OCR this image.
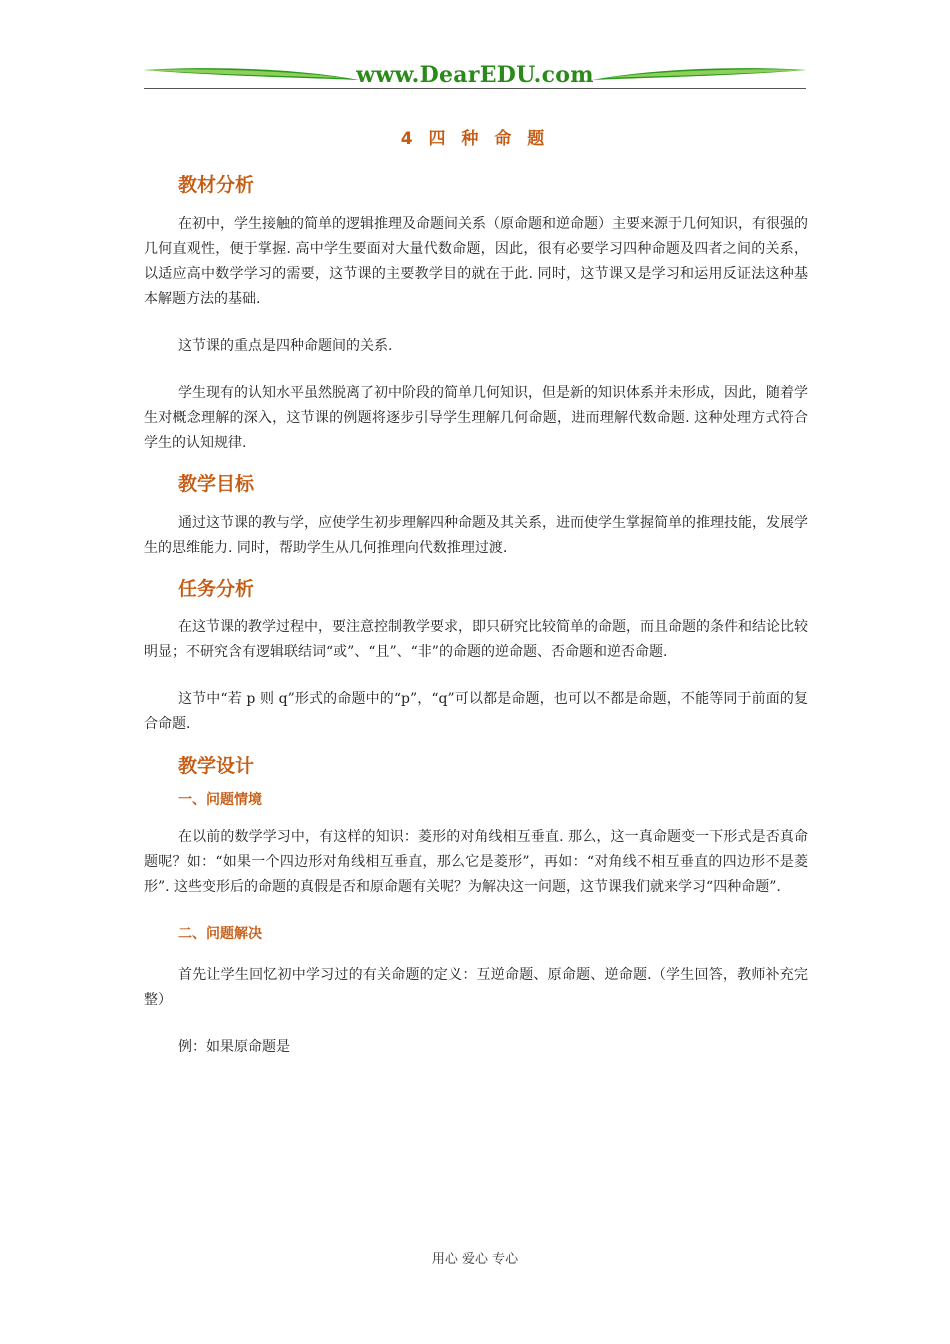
www.DearEDU.com
4 四 种 命 题
教材分析

在初中，学生接触的简单的逻辑推理及命题间关系（原命题和逆命题）主要来源于几何知识，有很强的几何直观性，便于掌握. 高中学生要面对大量代数命题，因此，很有必要学习四种命题及四者之间的关系，以适应高中数学学习的需要，这节课的主要教学目的就在于此. 同时，这节课又是学习和运用反证法这种基本解题方法的基础.

这节课的重点是四种命题间的关系.

学生现有的认知水平虽然脱离了初中阶段的简单几何知识，但是新的知识体系并未形成，因此，随着学生对概念理解的深入，这节课的例题将逐步引导学生理解几何命题，进而理解代数命题. 这种处理方式符合学生的认知规律.

教学目标

通过这节课的教与学，应使学生初步理解四种命题及其关系，进而使学生掌握简单的推理技能，发展学生的思维能力. 同时，帮助学生从几何推理向代数推理过渡.

任务分析

在这节课的教学过程中，要注意控制教学要求，即只研究比较简单的命题，而且命题的条件和结论比较明显；不研究含有逻辑联结词“或”、“且”、“非”的命题的逆命题、否命题和逆否命题.

这节中“若 p 则 q”形式的命题中的“p”，“q”可以都是命题，也可以不都是命题，不能等同于前面的复合命题.

教学设计
一、问题情境

在以前的数学学习中，有这样的知识：菱形的对角线相互垂直. 那么，这一真命题变一下形式是否真命题呢？如：“如果一个四边形对角线相互垂直，那么它是菱形”，再如：“对角线不相互垂直的四边形不是菱形”. 这些变形后的命题的真假是否和原命题有关呢？为解决这一问题，这节课我们就来学习“四种命题”.

二、问题解决

首先让学生回忆初中学习过的有关命题的定义：互逆命题、原命题、逆命题.（学生回答，教师补充完整）

例：如果原命题是

用心 爱心 专心
